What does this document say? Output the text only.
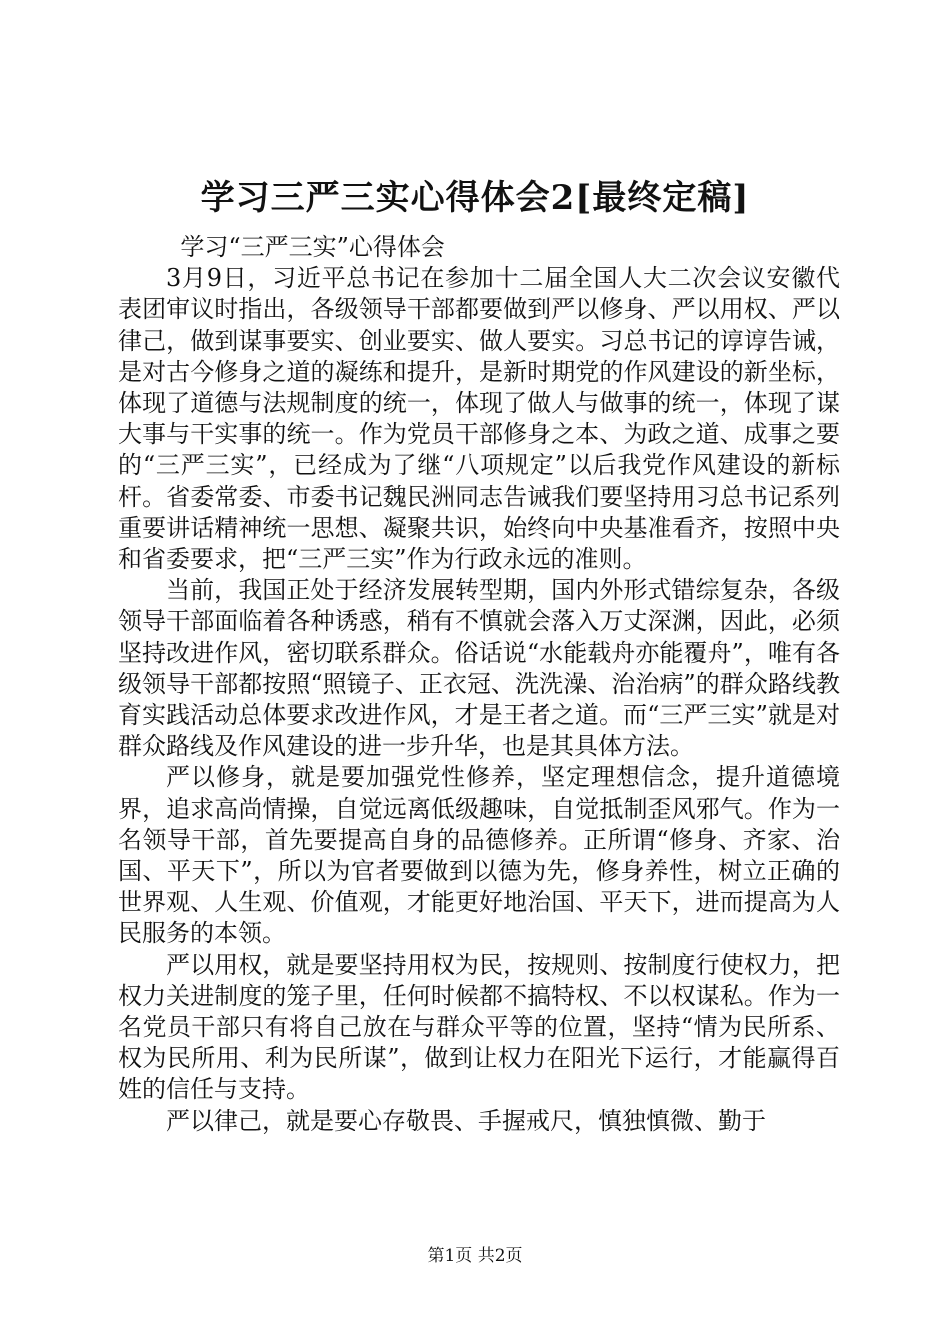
学习三严三实心得体会2[最终定稿]

学习“三严三实”心得体会

3月9日，习近平总书记在参加十二届全国人大二次会议安徽代表团审议时指出，各级领导干部都要做到严以修身、严以用权、严以律己，做到谋事要实、创业要实、做人要实。习总书记的谆谆告诫，是对古今修身之道的凝练和提升，是新时期党的作风建设的新坐标，体现了道德与法规制度的统一，体现了做人与做事的统一，体现了谋大事与干实事的统一。作为党员干部修身之本、为政之道、成事之要的“三严三实”，已经成为了继“八项规定”以后我党作风建设的新标杆。省委常委、市委书记魏民洲同志告诫我们要坚持用习总书记系列重要讲话精神统一思想、凝聚共识，始终向中央基准看齐，按照中央和省委要求，把“三严三实”作为行政永远的准则。

当前，我国正处于经济发展转型期，国内外形式错综复杂，各级领导干部面临着各种诱惑，稍有不慎就会落入万丈深渊，因此，必须坚持改进作风，密切联系群众。俗话说“水能载舟亦能覆舟”，唯有各级领导干部都按照“照镜子、正衣冠、洗洗澡、治治病”的群众路线教育实践活动总体要求改进作风，才是王者之道。而“三严三实”就是对群众路线及作风建设的进一步升华，也是其具体方法。

严以修身，就是要加强党性修养，坚定理想信念，提升道德境界，追求高尚情操，自觉远离低级趣味，自觉抵制歪风邪气。作为一名领导干部，首先要提高自身的品德修养。正所谓“修身、齐家、治国、平天下”，所以为官者要做到以德为先，修身养性，树立正确的世界观、人生观、价值观，才能更好地治国、平天下，进而提高为人民服务的本领。

严以用权，就是要坚持用权为民，按规则、按制度行使权力，把权力关进制度的笼子里，任何时候都不搞特权、不以权谋私。作为一名党员干部只有将自己放在与群众平等的位置，坚持“情为民所系、权为民所用、利为民所谋”，做到让权力在阳光下运行，才能赢得百姓的信任与支持。

严以律己，就是要心存敬畏、手握戒尺，慎独慎微、勤于

第1页 共2页
